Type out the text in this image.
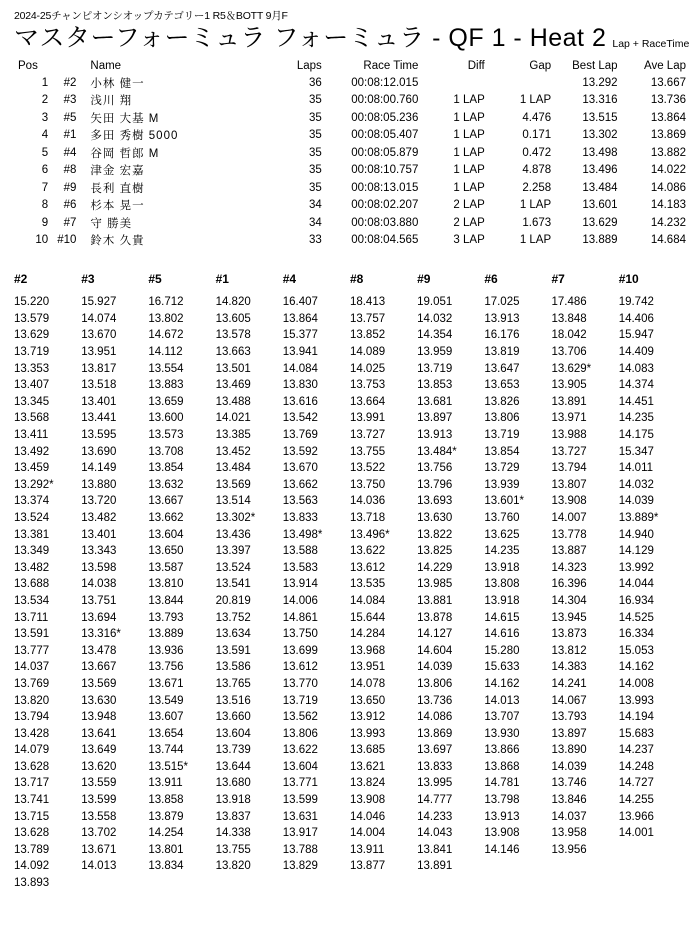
2024-25チャンピオンシオップカテゴリー1 R5＆BOTT 9月F
マスターフォーミュラ フォーミュラ - QF 1 - Heat 2 Lap + RaceTime
Pos		Name	Laps	Race Time	Diff	Gap	Best Lap	Ave Lap
1	#2	小林 健一	36	00:08:12.015			13.292	13.667
2	#3	浅川 翔	35	00:08:00.760	1 LAP	1 LAP	13.316	13.736
3	#5	矢田 大基 M	35	00:08:05.236	1 LAP	4.476	13.515	13.864
4	#1	多田 秀樹 5000	35	00:08:05.407	1 LAP	0.171	13.302	13.869
5	#4	谷岡 哲郎 M	35	00:08:05.879	1 LAP	0.472	13.498	13.882
6	#8	津金 宏嘉	35	00:08:10.757	1 LAP	4.878	13.496	14.022
7	#9	長利 直樹	35	00:08:13.015	1 LAP	2.258	13.484	14.086
8	#6	杉本 晃一	34	00:08:02.207	2 LAP	1 LAP	13.601	14.183
9	#7	守 勝美	34	00:08:03.880	2 LAP	1.673	13.629	14.232
10	#10	鈴木 久貴	33	00:08:04.565	3 LAP	1 LAP	13.889	14.684
#2	#3	#5	#1	#4	#8	#9	#6	#7	#10
15.220	15.927	16.712	14.820	16.407	18.413	19.051	17.025	17.486	19.742
13.579	14.074	13.802	13.605	13.864	13.757	14.032	13.913	13.848	14.406
13.629	13.670	14.672	13.578	15.377	13.852	14.354	16.176	18.042	15.947
13.719	13.951	14.112	13.663	13.941	14.089	13.959	13.819	13.706	14.409
13.353	13.817	13.554	13.501	14.084	14.025	13.719	13.647	13.629*	14.083
13.407	13.518	13.883	13.469	13.830	13.753	13.853	13.653	13.905	14.374
13.345	13.401	13.659	13.488	13.616	13.664	13.681	13.826	13.891	14.451
13.568	13.441	13.600	14.021	13.542	13.991	13.897	13.806	13.971	14.235
13.411	13.595	13.573	13.385	13.769	13.727	13.913	13.719	13.988	14.175
13.492	13.690	13.708	13.452	13.592	13.755	13.484*	13.854	13.727	15.347
13.459	14.149	13.854	13.484	13.670	13.522	13.756	13.729	13.794	14.011
13.292*	13.880	13.632	13.569	13.662	13.750	13.796	13.939	13.807	14.032
13.374	13.720	13.667	13.514	13.563	14.036	13.693	13.601*	13.908	14.039
13.524	13.482	13.662	13.302*	13.833	13.718	13.630	13.760	14.007	13.889*
13.381	13.401	13.604	13.436	13.498*	13.496*	13.822	13.625	13.778	14.940
13.349	13.343	13.650	13.397	13.588	13.622	13.825	14.235	13.887	14.129
13.482	13.598	13.587	13.524	13.583	13.612	14.229	13.918	14.323	13.992
13.688	14.038	13.810	13.541	13.914	13.535	13.985	13.808	16.396	14.044
13.534	13.751	13.844	20.819	14.006	14.084	13.881	13.918	14.304	16.934
13.711	13.694	13.793	13.752	14.861	15.644	13.878	14.615	13.945	14.525
13.591	13.316*	13.889	13.634	13.750	14.284	14.127	14.616	13.873	16.334
13.777	13.478	13.936	13.591	13.699	13.968	14.604	15.280	13.812	15.053
14.037	13.667	13.756	13.586	13.612	13.951	14.039	15.633	14.383	14.162
13.769	13.569	13.671	13.765	13.770	14.078	13.806	14.162	14.241	14.008
13.820	13.630	13.549	13.516	13.719	13.650	13.736	14.013	14.067	13.993
13.794	13.948	13.607	13.660	13.562	13.912	14.086	13.707	13.793	14.194
13.428	13.641	13.654	13.604	13.806	13.993	13.869	13.930	13.897	15.683
14.079	13.649	13.744	13.739	13.622	13.685	13.697	13.866	13.890	14.237
13.628	13.620	13.515*	13.644	13.604	13.621	13.833	13.868	14.039	14.248
13.717	13.559	13.911	13.680	13.771	13.824	13.995	14.781	13.746	14.727
13.741	13.599	13.858	13.918	13.599	13.908	14.777	13.798	13.846	14.255
13.715	13.558	13.879	13.837	13.631	14.046	14.233	13.913	14.037	13.966
13.628	13.702	14.254	14.338	13.917	14.004	14.043	13.908	13.958	14.001
13.789	13.671	13.801	13.755	13.788	13.911	13.841	14.146	13.956	
14.092	14.013	13.834	13.820	13.829	13.877	13.891			
13.893									
